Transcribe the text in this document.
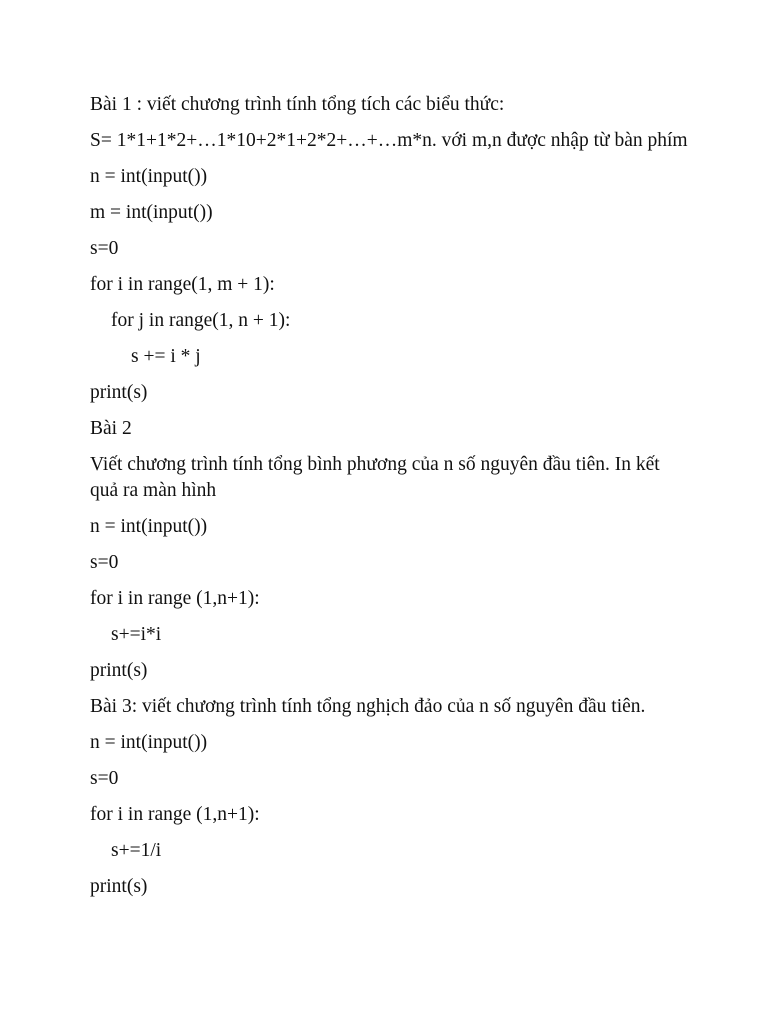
Bài 1 : viết chương trình tính tổng tích các biểu thức:

S= 1*1+1*2+…1*10+2*1+2*2+…+…m*n. với m,n được nhập từ bàn phím

n = int(input())

m = int(input())

s=0

for i in range(1, m + 1):

for j in range(1, n + 1):

s += i * j

print(s)

Bài 2

Viết chương trình tính tổng bình phương của n số nguyên đầu tiên. In kết quả ra màn hình

n = int(input())

s=0

for i in range (1,n+1):

s+=i*i

print(s)

Bài 3: viết chương trình tính tổng nghịch đảo của n số nguyên đầu tiên.

n = int(input())

s=0

for i in range (1,n+1):

s+=1/i

print(s)
